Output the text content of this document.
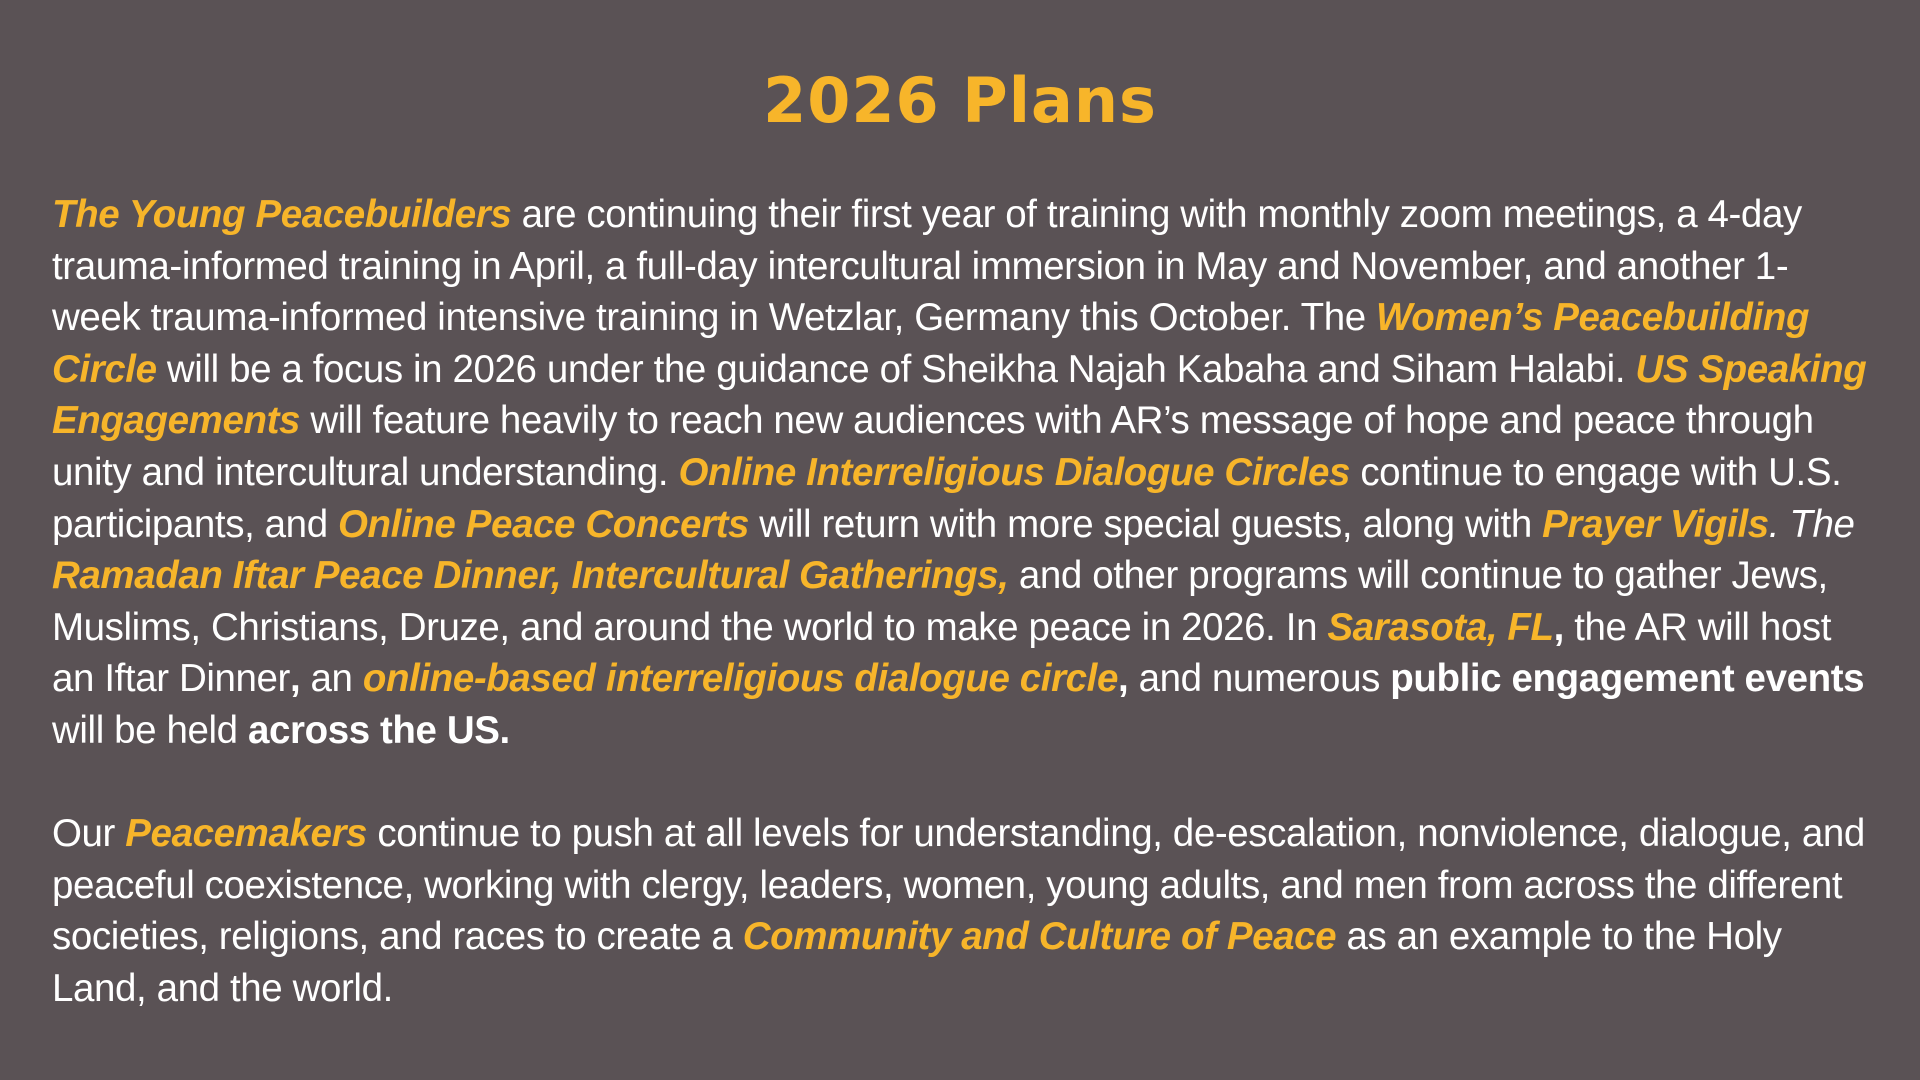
2026 Plans

The Young Peacebuilders are continuing their first year of training with monthly zoom meetings, a 4-day trauma-informed training in April, a full-day intercultural immersion in May and November, and another 1-week trauma-informed intensive training in Wetzlar, Germany this October. The Women’s Peacebuilding Circle will be a focus in 2026 under the guidance of Sheikha Najah Kabaha and Siham Halabi. US Speaking Engagements will feature heavily to reach new audiences with AR’s message of hope and peace through unity and intercultural understanding. Online Interreligious Dialogue Circles continue to engage with U.S. participants, and Online Peace Concerts will return with more special guests, along with Prayer Vigils. The Ramadan Iftar Peace Dinner, Intercultural Gatherings, and other programs will continue to gather Jews, Muslims, Christians, Druze, and around the world to make peace in 2026. In Sarasota, FL, the AR will host an Iftar Dinner, an online-based interreligious dialogue circle, and numerous public engagement events will be held across the US.

Our Peacemakers continue to push at all levels for understanding, de-escalation, nonviolence, dialogue, and peaceful coexistence, working with clergy, leaders, women, young adults, and men from across the different societies, religions, and races to create a Community and Culture of Peace as an example to the Holy Land, and the world.
